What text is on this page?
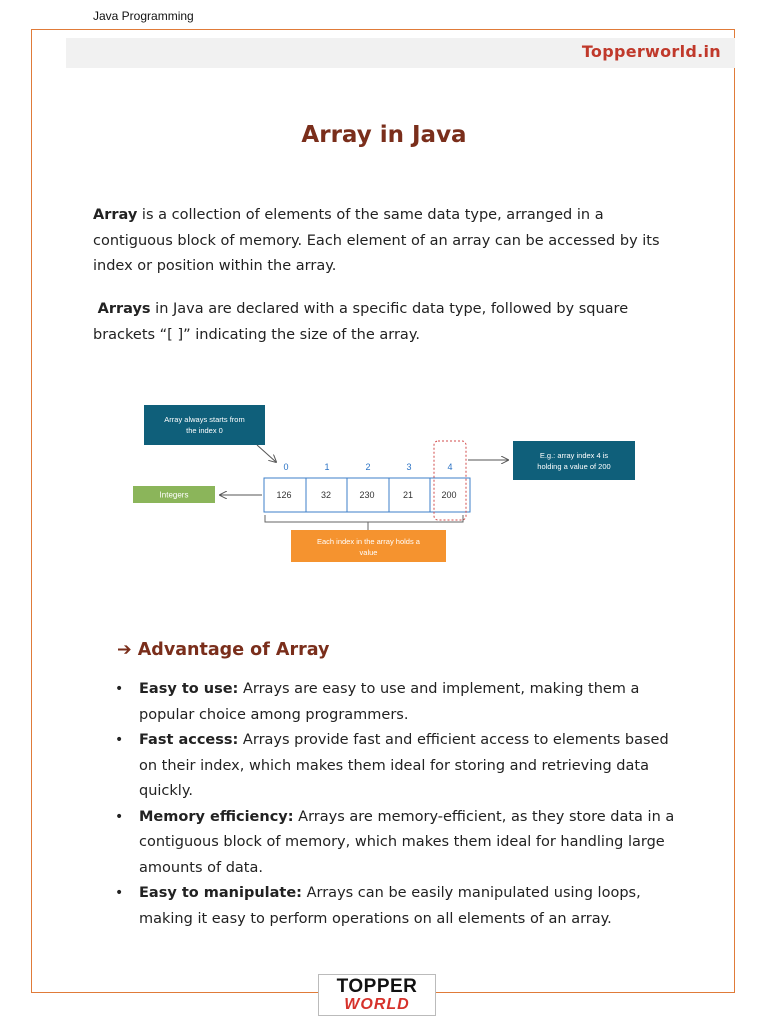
Java Programming
Topperworld.in
Array in Java

Array is a collection of elements of the same data type, arranged in a contiguous block of memory. Each element of an array can be accessed by its index or position within the array.

Arrays in Java are declared with a specific data type, followed by square brackets “[ ]” indicating the size of the array.

Array always starts from
the index 0
0	1	2	3	4
126	32	230	21	200
Integers
E.g.: array index 4 is
holding a value of 200
Each index in the array holds a
value
➔ Advantage of Array
• Easy to use: Arrays are easy to use and implement, making them a popular choice among programmers.
• Fast access: Arrays provide fast and efficient access to elements based on their index, which makes them ideal for storing and retrieving data quickly.
• Memory efficiency: Arrays are memory-efficient, as they store data in a contiguous block of memory, which makes them ideal for handling large amounts of data.
• Easy to manipulate: Arrays can be easily manipulated using loops, making it easy to perform operations on all elements of an array.
TOPPER
WORLD
